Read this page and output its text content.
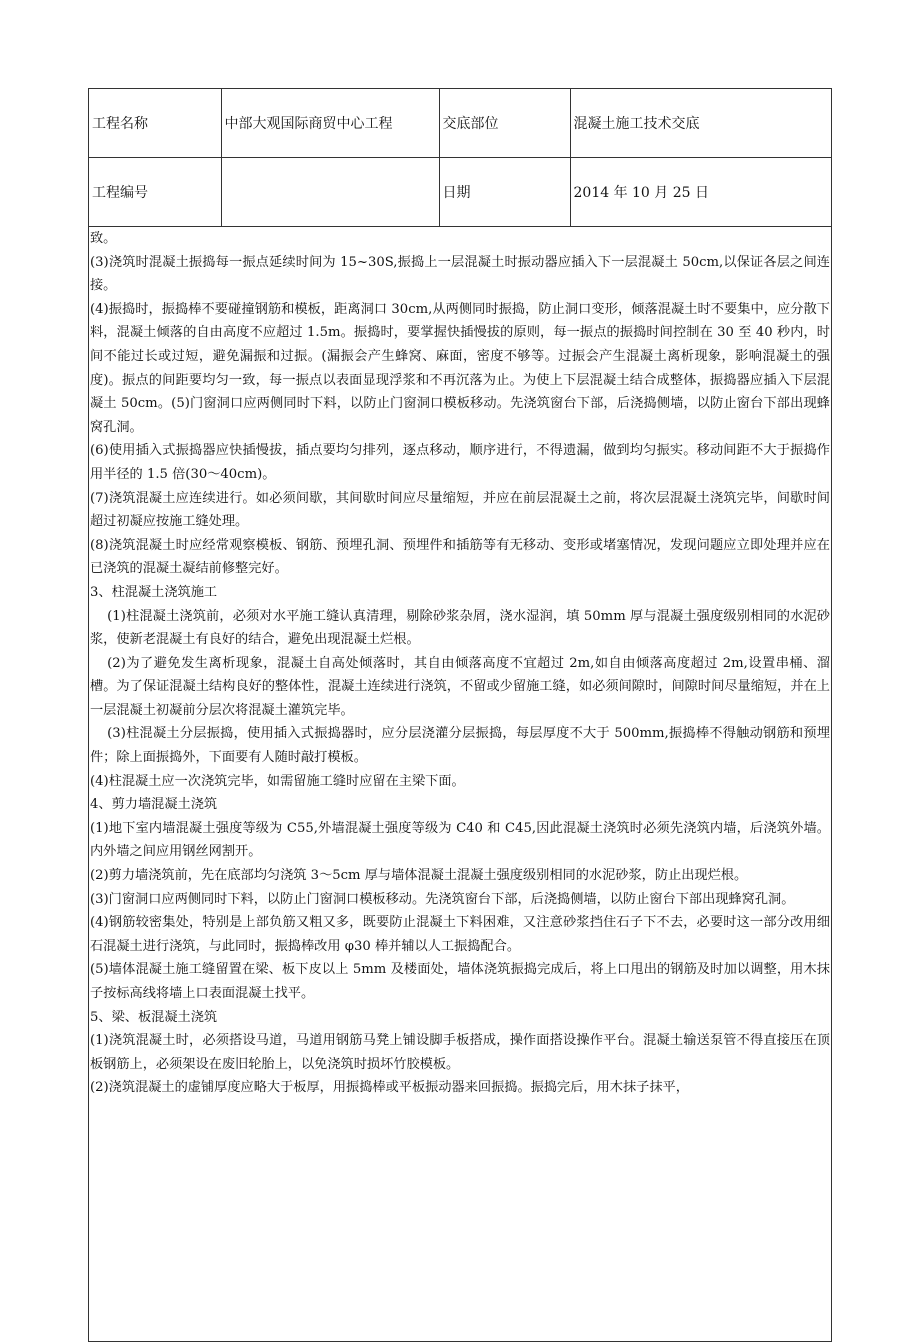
工程名称	中部大观国际商贸中心工程	交底部位	混凝土施工技术交底
工程编号		日期	2014 年 10 月 25 日

致。

(3)浇筑时混凝土振捣每一振点延续时间为 15~30S,振捣上一层混凝土时振动器应插入下一层混凝土 50cm,以保证各层之间连接。

(4)振捣时，振捣棒不要碰撞钢筋和模板，距离洞口 30cm,从两侧同时振捣，防止洞口变形，倾落混凝土时不要集中，应分散下料，混凝土倾落的自由高度不应超过 1.5m。振捣时，要掌握快插慢拔的原则，每一振点的振捣时间控制在 30 至 40 秒内，时间不能过长或过短，避免漏振和过振。(漏振会产生蜂窝、麻面，密度不够等。过振会产生混凝土离析现象，影响混凝土的强度)。振点的间距要均匀一致，每一振点以表面显现浮浆和不再沉落为止。为使上下层混凝土结合成整体，振捣器应插入下层混凝土 50cm。(5)门窗洞口应两侧同时下料，以防止门窗洞口模板移动。先浇筑窗台下部，后浇捣侧墙，以防止窗台下部出现蜂窝孔洞。

(6)使用插入式振捣器应快插慢拔，插点要均匀排列，逐点移动，顺序进行，不得遗漏，做到均匀振实。移动间距不大于振捣作用半径的 1.5 倍(30～40cm)。

(7)浇筑混凝土应连续进行。如必须间歇，其间歇时间应尽量缩短，并应在前层混凝土之前，将次层混凝土浇筑完毕，间歇时间超过初凝应按施工缝处理。

(8)浇筑混凝土时应经常观察模板、钢筋、预埋孔洞、预埋件和插筋等有无移动、变形或堵塞情况，发现问题应立即处理并应在已浇筑的混凝土凝结前修整完好。

3、柱混凝土浇筑施工

(1)柱混凝土浇筑前，必须对水平施工缝认真清理，剔除砂浆杂屑，浇水湿润，填 50mm 厚与混凝土强度级别相同的水泥砂浆，使新老混凝土有良好的结合，避免出现混凝土烂根。

(2)为了避免发生离析现象，混凝土自高处倾落时，其自由倾落高度不宜超过 2m,如自由倾落高度超过 2m,设置串桶、溜槽。为了保证混凝土结构良好的整体性，混凝土连续进行浇筑，不留或少留施工缝，如必须间隙时，间隙时间尽量缩短，并在上一层混凝土初凝前分层次将混凝土灌筑完毕。

(3)柱混凝土分层振捣，使用插入式振捣器时，应分层浇灌分层振捣，每层厚度不大于 500mm,振捣棒不得触动钢筋和预埋件；除上面振捣外，下面要有人随时敲打模板。

(4)柱混凝土应一次浇筑完毕，如需留施工缝时应留在主梁下面。

4、剪力墙混凝土浇筑

(1)地下室内墙混凝土强度等级为 C55,外墙混凝土强度等级为 C40 和 C45,因此混凝土浇筑时必须先浇筑内墙，后浇筑外墙。内外墙之间应用钢丝网割开。

(2)剪力墙浇筑前，先在底部均匀浇筑 3～5cm 厚与墙体混凝土混凝土强度级别相同的水泥砂浆，防止出现烂根。

(3)门窗洞口应两侧同时下料，以防止门窗洞口模板移动。先浇筑窗台下部，后浇捣侧墙，以防止窗台下部出现蜂窝孔洞。

(4)钢筋较密集处，特别是上部负筋又粗又多，既要防止混凝土下料困难，又注意砂浆挡住石子下不去，必要时这一部分改用细石混凝土进行浇筑，与此同时，振捣棒改用 φ30 棒并辅以人工振捣配合。

(5)墙体混凝土施工缝留置在梁、板下皮以上 5mm 及楼面处，墙体浇筑振捣完成后，将上口甩出的钢筋及时加以调整，用木抹子按标高线将墙上口表面混凝土找平。

5、梁、板混凝土浇筑

(1)浇筑混凝土时，必须搭设马道，马道用钢筋马凳上铺设脚手板搭成，操作面搭设操作平台。混凝土输送泵管不得直接压在顶板钢筋上，必须架设在废旧轮胎上，以免浇筑时损坏竹胶模板。

(2)浇筑混凝土的虚铺厚度应略大于板厚，用振捣棒或平板振动器来回振捣。振捣完后，用木抹子抹平，
